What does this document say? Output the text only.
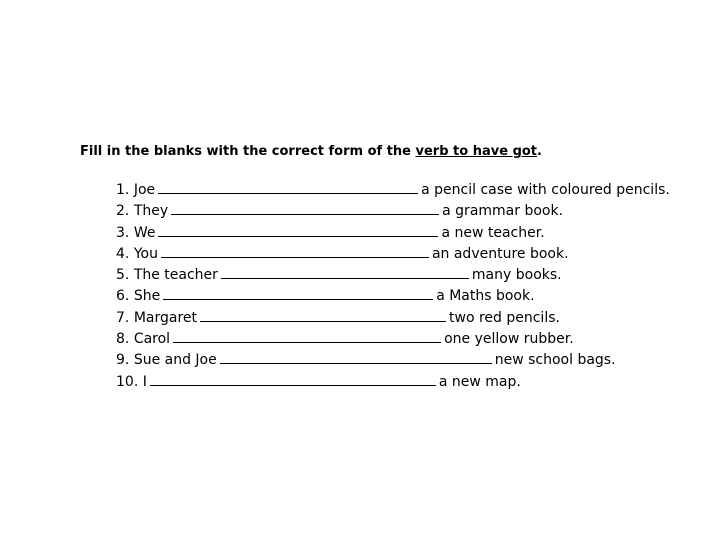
Fill in the blanks with the correct form of the verb to have got.

1. Joe	a pencil case with coloured pencils.
2. They	a grammar book.
3. We	a new teacher.
4. You	an adventure book.
5. The teacher	many books.
6. She	a Maths book.
7. Margaret	two red pencils.
8. Carol	one yellow rubber.
9. Sue and Joe	new school bags.
10. I	a new map.
